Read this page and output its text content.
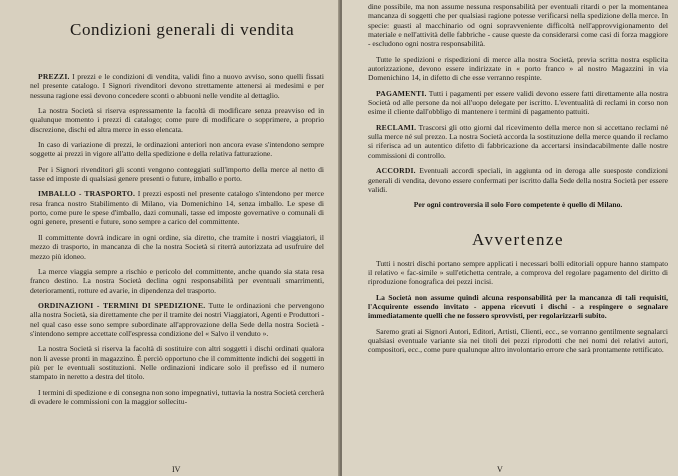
Condizioni generali di vendita

PREZZI. I prezzi e le condizioni di vendita, validi fino a nuovo avviso, sono quelli fissati nel presente catalogo. I Signori rivenditori devono strettamente attenersi ai medesimi e per nessuna ragione essi devono concedere sconti o abbuoni nelle vendite al dettaglio.

La nostra Società si riserva espressamente la facoltà di modificare senza preavviso ed in qualunque momento i prezzi di catalogo; come pure di modificare o sopprimere, a proprio discrezione, dischi ed altra merce in esso elencata.

In caso di variazione di prezzi, le ordinazioni anteriori non ancora evase s'intendono sempre soggette ai prezzi in vigore all'atto della spedizione e della relativa fatturazione.

Per i Signori rivenditori gli sconti vengono conteggiati sull'importo della merce al netto di tasse ed imposte di qualsiasi genere presenti o future, imballo e porto.

IMBALLO - TRASPORTO. I prezzi esposti nel presente catalogo s'intendono per merce resa franca nostro Stabilimento di Milano, via Domenichino 14, senza imballo. Le spese di porto, come pure le spese d'imballo, dazi comunali, tasse ed imposte governative o comunali di ogni genere, presenti e future, sono sempre a carico del committente.

Il committente dovrà indicare in ogni ordine, sia diretto, che tramite i nostri viaggiatori, il mezzo di trasporto, in mancanza di che la nostra Società si riterrà autorizzata ad usufruire del mezzo più idoneo.

La merce viaggia sempre a rischio e pericolo del committente, anche quando sia stata resa franco destino. La nostra Società declina ogni responsabilità per eventuali smarrimenti, deterioramenti, rotture ed avarie, in dipendenza del trasporto.

ORDINAZIONI - TERMINI DI SPEDIZIONE. Tutte le ordinazioni che pervengono alla nostra Società, sia direttamente che per il tramite dei nostri Viaggiatori, Agenti e Produttori - nel qual caso esse sono sempre subordinate all'approvazione della Sede della nostra Società - s'intendono sempre accettate coll'espressa condizione del « Salvo il venduto ».

La nostra Società si riserva la facoltà di sostituire con altri soggetti i dischi ordinati qualora non li avesse pronti in magazzino. È perciò opportuno che il committente indichi dei soggetti in più per le eventuali sostituzioni. Nelle ordinazioni indicare solo il prefisso ed il numero stampato in neretto a destra del titolo.

I termini di spedizione e di consegna non sono impegnativi, tuttavia la nostra Società cercherà di evadere le commissioni con la maggior sollecitu-

IV

dine possibile, ma non assume nessuna responsabilità per eventuali ritardi o per la momentanea mancanza di soggetti che per qualsiasi ragione potesse verificarsi nella spedizione della merce. In specie: guasti al macchinario od ogni sopravveniente difficoltà nell'approvvigionamento del materiale e nell'attività delle fabbriche - cause queste da considerarsi come casi di forza maggiore - escludono ogni nostra responsabilità.

Tutte le spedizioni e rispedizioni di merce alla nostra Società, previa scritta nostra esplicita autorizzazione, devono essere indirizzate in « porto franco » al nostro Magazzini in via Domenichino 14, in difetto di che esse verranno respinte.

PAGAMENTI. Tutti i pagamenti per essere validi devono essere fatti direttamente alla nostra Società od alle persone da noi all'uopo delegate per iscritto. L'eventualità di reclami in corso non esime il cliente dall'obbligo di mantenere i termini di pagamento pattuiti.

RECLAMI. Trascorsi gli otto giorni dal ricevimento della merce non si accettano reclami né sulla merce né sul prezzo. La nostra Società accorda la sostituzione della merce quando il reclamo si riferisca ad un autentico difetto di fabbricazione da accertarsi insindacabilmente dalle nostre commissioni di controllo.

ACCORDI. Eventuali accordi speciali, in aggiunta od in deroga alle suesposte condizioni generali di vendita, devono essere confermati per iscritto dalla Sede della nostra Società per essere validi.

Per ogni controversia il solo Foro competente è quello di Milano.

Avvertenze

Tutti i nostri dischi portano sempre applicati i necessari bolli editoriali oppure hanno stampato il relativo « fac-simile » sull'etichetta centrale, a comprova del regolare pagamento del diritto di riproduzione fonografica dei pezzi incisi.

La Società non assume quindi alcuna responsabilità per la mancanza di tali requisiti, l'Acquirente essendo invitato - appena ricevuti i dischi - a respingere o segnalare immediatamente quelli che ne fossero sprovvisti, per regolarizzarli subito.

Saremo grati ai Signori Autori, Editori, Artisti, Clienti, ecc., se vorranno gentilmente segnalarci qualsiasi eventuale variante sia nei titoli dei pezzi riprodotti che nei nomi dei relativi autori, compositori, ecc., come pure qualunque altro involontario errore che sarà prontamente rettificato.

V
